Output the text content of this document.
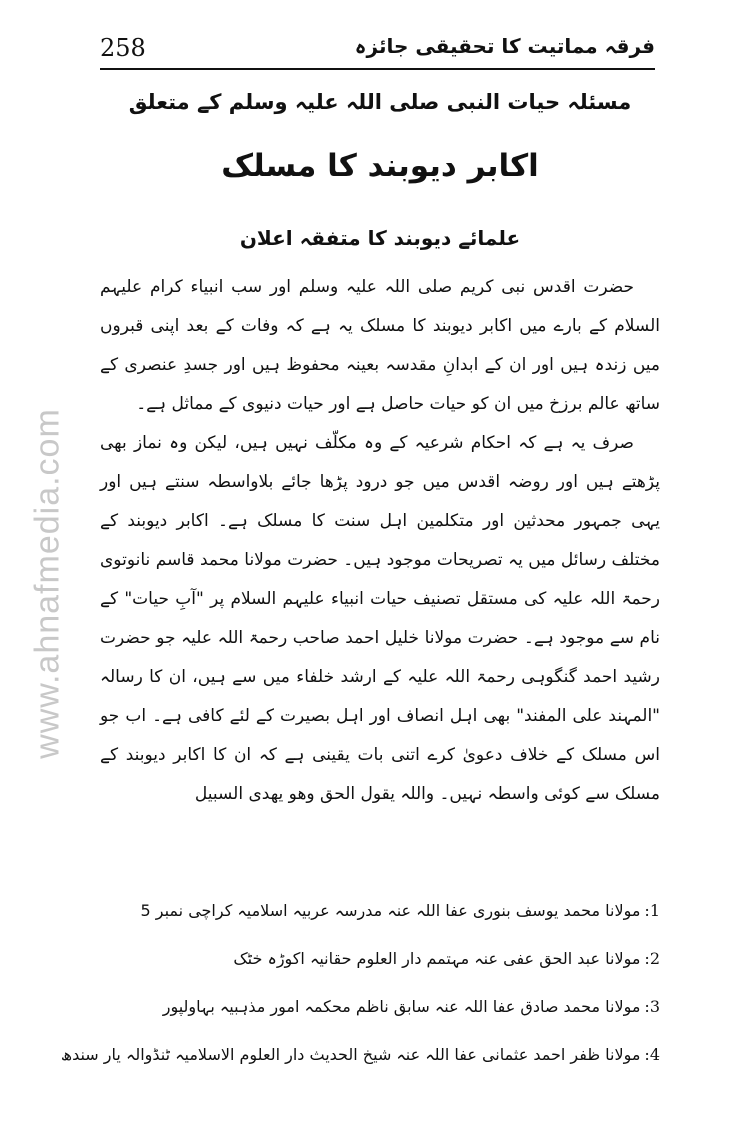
258	فرقہ مماتیت کا تحقیقی جائزہ
www.ahnafmedia.com
مسئلہ حیات النبی صلی اللہ علیہ وسلم کے متعلق
اکابر دیوبند کا مسلک
علمائے دیوبند کا متفقہ اعلان

حضرت اقدس نبی کریم صلی اللہ علیہ وسلم اور سب انبیاء کرام علیہم السلام کے بارے میں اکابر دیوبند کا مسلک یہ ہے کہ وفات کے بعد اپنی قبروں میں زندہ ہیں اور ان کے ابدانِ مقدسہ بعینہ محفوظ ہیں اور جسدِ عنصری کے ساتھ عالم برزخ میں ان کو حیات حاصل ہے اور حیات دنیوی کے مماثل ہے۔

صرف یہ ہے کہ احکام شرعیہ کے وہ مکلّف نہیں ہیں، لیکن وہ نماز بھی پڑھتے ہیں اور روضہ اقدس میں جو درود پڑھا جائے بلاواسطہ سنتے ہیں اور یہی جمہور محدثین اور متکلمین اہل سنت کا مسلک ہے۔ اکابر دیوبند کے مختلف رسائل میں یہ تصریحات موجود ہیں۔ حضرت مولانا محمد قاسم نانوتوی رحمۃ اللہ علیہ کی مستقل تصنیف حیات انبیاء علیہم السلام پر "آبِ حیات" کے نام سے موجود ہے۔ حضرت مولانا خلیل احمد صاحب رحمۃ اللہ علیہ جو حضرت رشید احمد گنگوہی رحمۃ اللہ علیہ کے ارشد خلفاء میں سے ہیں، ان کا رسالہ "المہند علی المفند" بھی اہل انصاف اور اہل بصیرت کے لئے کافی ہے۔ اب جو اس مسلک کے خلاف دعویٰ کرے اتنی بات یقینی ہے کہ ان کا اکابر دیوبند کے مسلک سے کوئی واسطہ نہیں۔ واللہ یقول الحق وھو یھدی السبیل

1:
مولانا محمد یوسف بنوری عفا اللہ عنہ مدرسہ عربیہ اسلامیہ کراچی نمبر 5
2:
مولانا عبد الحق عفی عنہ مہتمم دار العلوم حقانیہ اکوڑہ خٹک
3:
مولانا محمد صادق عفا اللہ عنہ سابق ناظم محکمہ امور مذہبیہ بہاولپور
4:
مولانا ظفر احمد عثمانی عفا اللہ عنہ شیخ الحدیث دار العلوم الاسلامیہ ٹنڈوالہ یار سندھ
